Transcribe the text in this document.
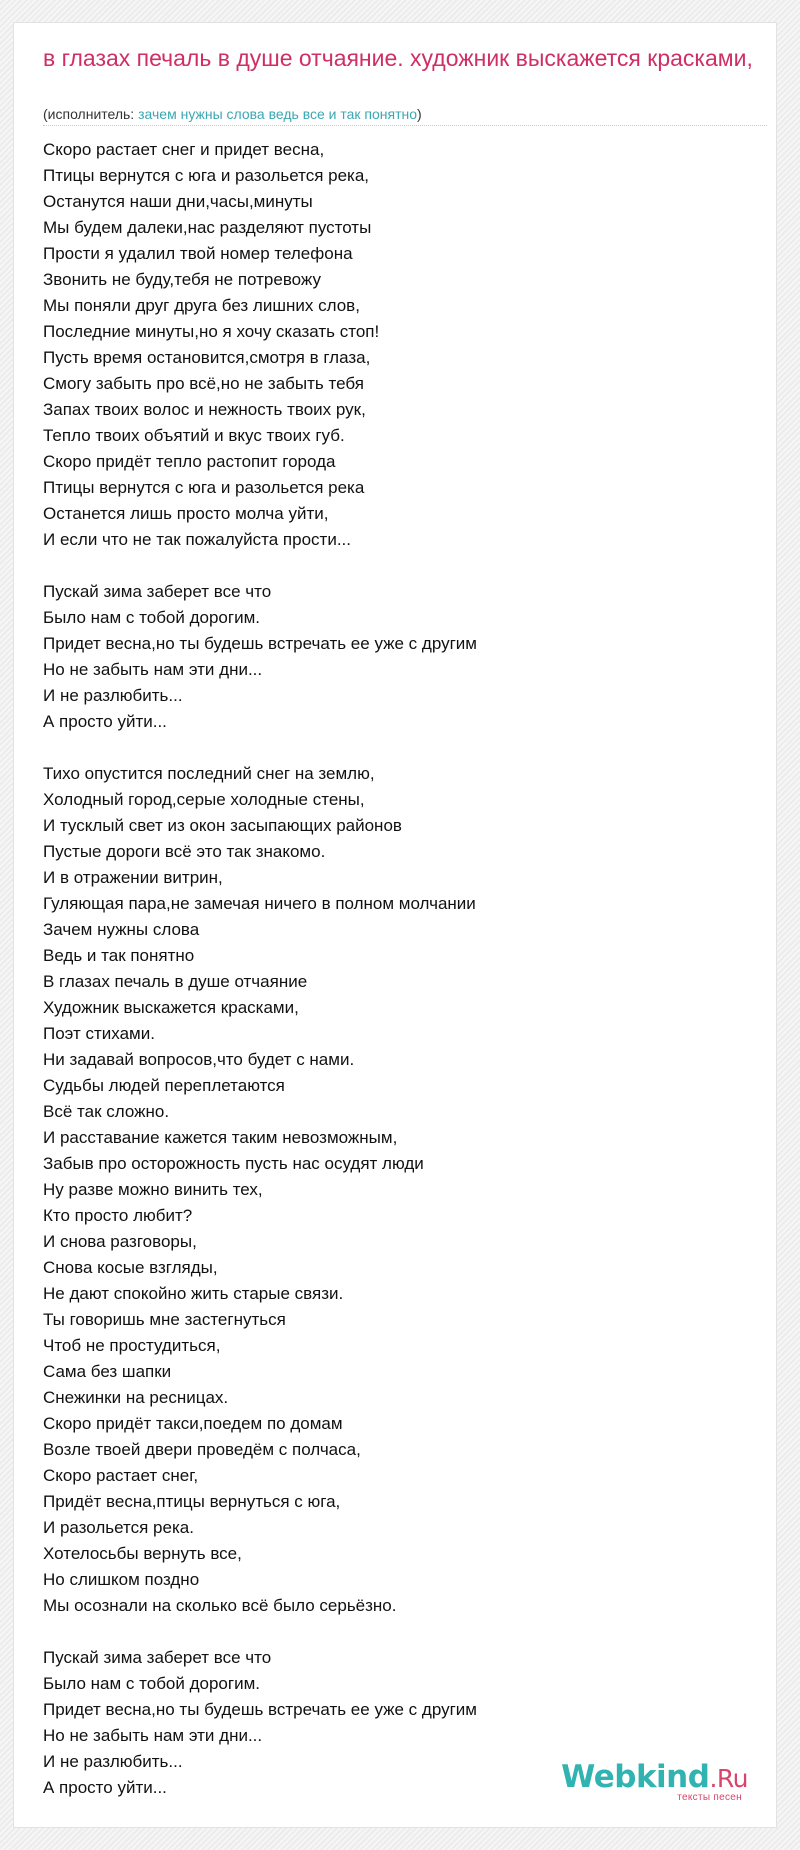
в глазах печаль в душе отчаяние. художник выскажется красками,
(исполнитель: зачем нужны слова ведь все и так понятно)
Скоро растает снег и придет весна,
Птицы вернутся с юга и разольется река,
Останутся наши дни,часы,минуты
Мы будем далеки,нас разделяют пустоты
Прости я удалил твой номер телефона
Звонить не буду,тебя не потревожу
Мы поняли друг друга без лишних слов,
Последние минуты,но я хочу сказать стоп!
Пусть время остановится,смотря в глаза,
Смогу забыть про всё,но не забыть тебя
Запах твоих волос и нежность твоих рук,
Тепло твоих объятий и вкус твоих губ.
Скоро придёт тепло растопит города
Птицы вернутся с юга и разольется река
Останется лишь просто молча уйти,
И если что не так пожалуйста прости...

Пускай зима заберет все что
Было нам с тобой дорогим.
Придет весна,но ты будешь встречать ее уже с другим
Но не забыть нам эти дни...
И не разлюбить...
А просто уйти...

Тихо опустится последний снег на землю,
Холодный город,серые холодные стены,
И тусклый свет из окон засыпающих районов
Пустые дороги всё это так знакомо.
И в отражении витрин,
Гуляющая пара,не замечая ничего в полном молчании
Зачем нужны слова
Ведь и так понятно
В глазах печаль в душе отчаяние
Художник выскажется красками,
Поэт стихами.
Ни задавай вопросов,что будет с нами.
Судьбы людей переплетаются
Всё так сложно.
И расставание кажется таким невозможным,
Забыв про осторожность пусть нас осудят люди
Ну разве можно винить тех,
Кто просто любит?
И снова разговоры,
Снова косые взгляды,
Не дают спокойно жить старые связи.
Ты говоришь мне застегнуться
Чтоб не простудиться,
Сама без шапки
Снежинки на ресницах.
Скоро придёт такси,поедем по домам
Возле твоей двери проведём с полчаса,
Скоро растает снег,
Придёт весна,птицы вернуться с юга,
И разольется река.
Хотелосьбы вернуть все,
Но слишком поздно
Мы осознали на сколько всё было серьёзно.

Пускай зима заберет все что
Было нам с тобой дорогим.
Придет весна,но ты будешь встречать ее уже с другим
Но не забыть нам эти дни...
И не разлюбить...
А просто уйти...	Webkind.Ru
тексты песен
